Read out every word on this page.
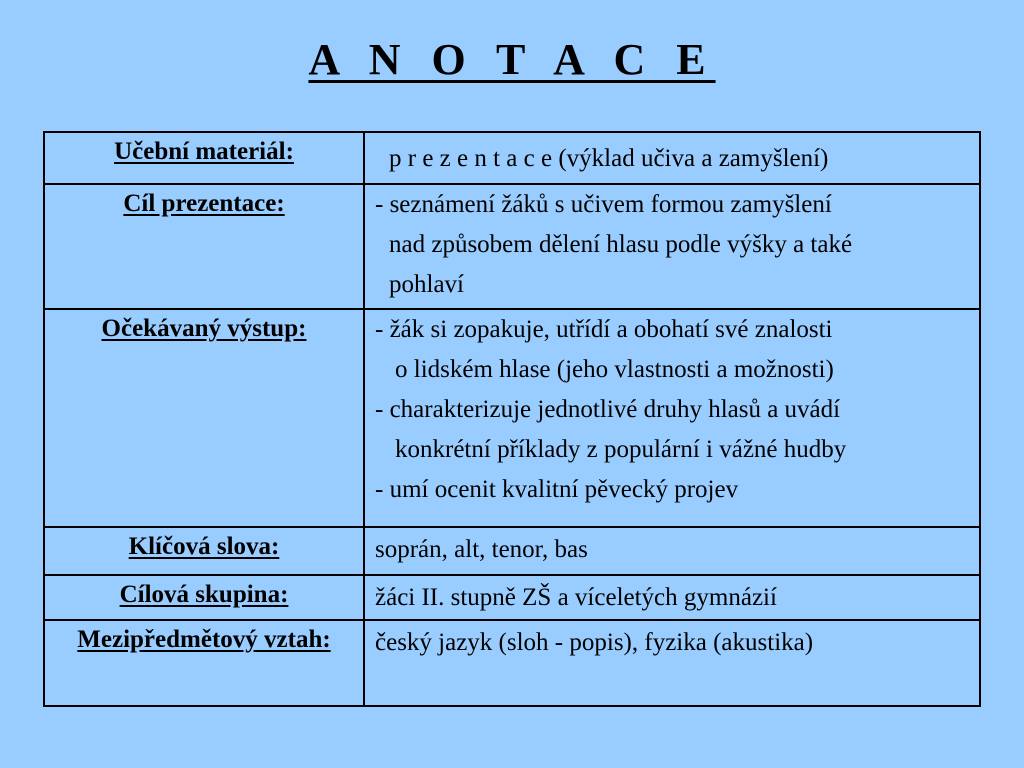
A N O T A C E
Učební materiál:	p r e z e n t a c e (výklad učiva a zamyšlení)

Cíl prezentace:	- seznámení žáků s učivem formou zamyšlení
nad způsobem dělení hlasu podle výšky a také
pohlaví

Očekávaný výstup:	- žák si zopakuje, utřídí a obohatí své znalosti
o lidském hlase (jeho vlastnosti a možnosti)
- charakterizuje jednotlivé druhy hlasů a uvádí
konkrétní příklady z populární i vážné hudby
- umí ocenit kvalitní pěvecký projev

Klíčová slova:	soprán, alt, tenor, bas

Cílová skupina:	žáci II. stupně ZŠ a víceletých gymnázií

Mezipředmětový vztah:	český jazyk (sloh - popis), fyzika (akustika)
